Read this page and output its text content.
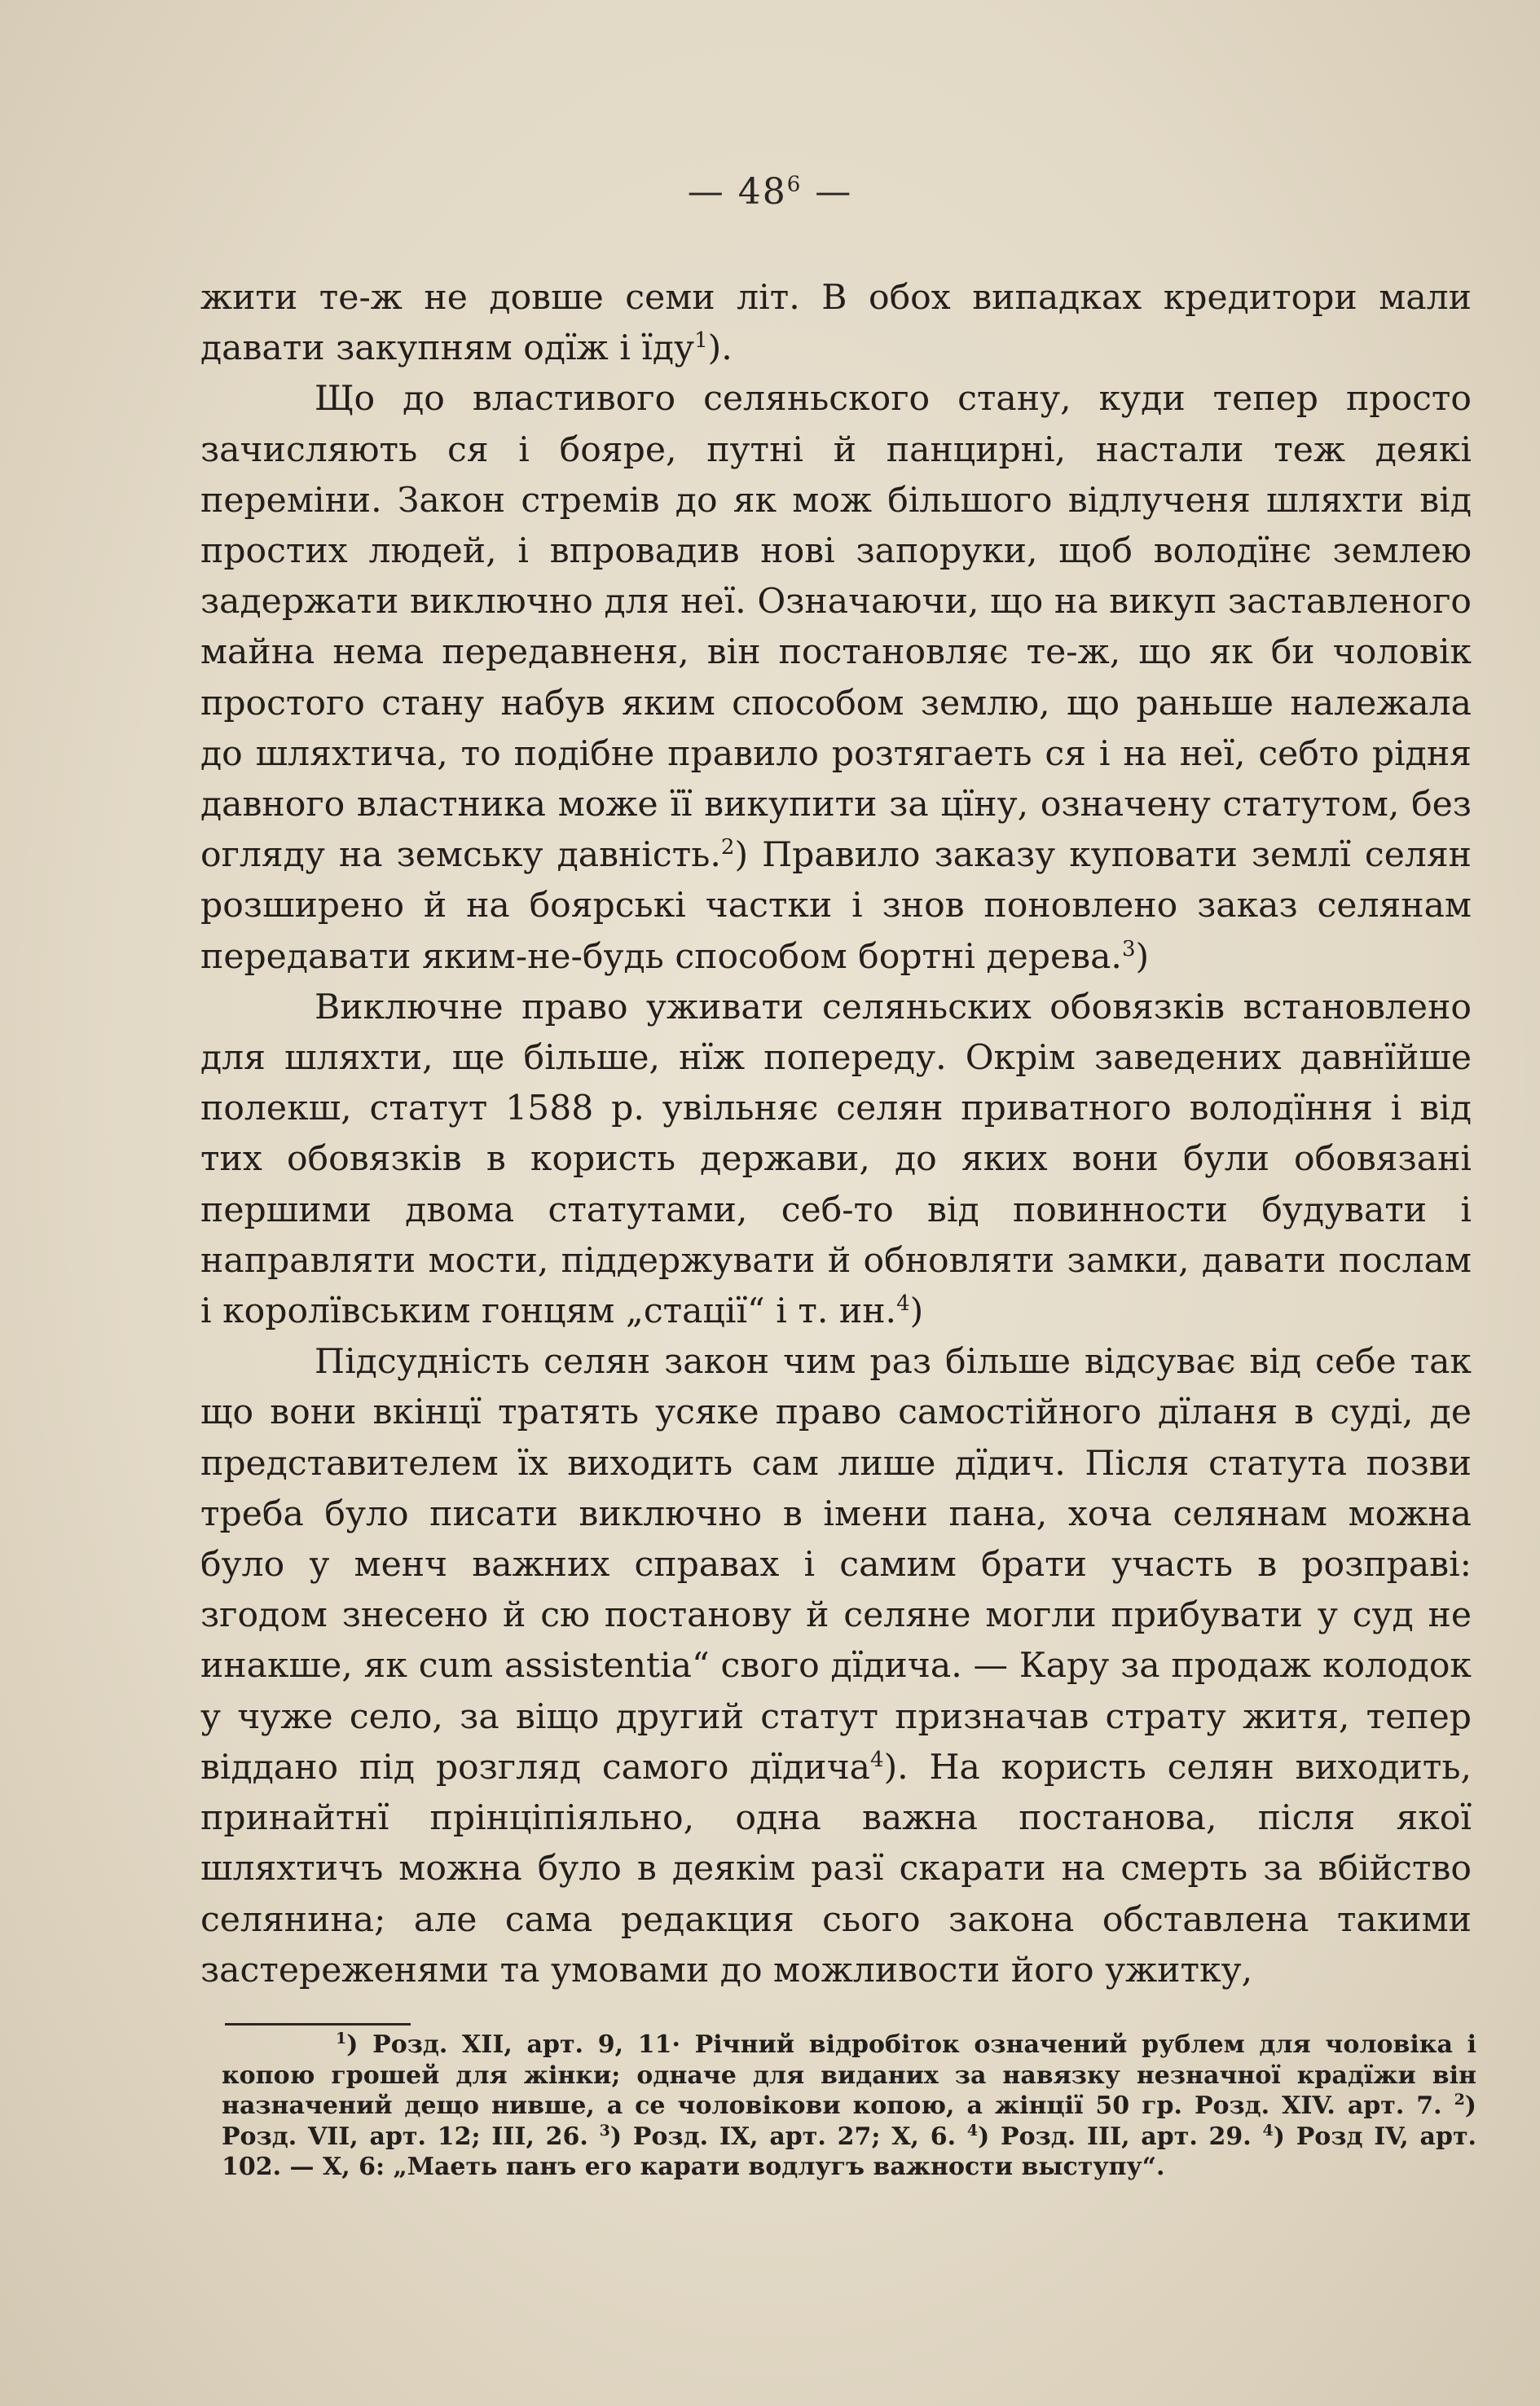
— $48^6$ —

жити те-ж не довше семи літ. В обох випадках кредитори мали давати закупням одїж і їду$^1$).

Що до властивого селяньского стану, куди тепер просто зачисляють ся і бояре, путні й панцирні, настали теж деякі переміни. Закон стремів до як мож більшого відлученя шляхти від простих людей, і впровадив нові запоруки, щоб володїнє землею задержати виключно для неї. Означаючи, що на викуп заставленого майна нема передавненя, він постановляє те-ж, що як би чоловік простого стану набув яким способом землю, що раньше належала до шляхтича, то подібне правило розтягаеть ся і на неї, себто рідня давного властника може її викупити за цїну, означену статутом, без огляду на земську давність.$^2$) Правило заказу куповати землї селян розширено й на боярські частки і знов поновлено заказ селянам передавати яким-не-будь способом бортні дерева.$^3$)

Виключне право уживати селяньских обовязків встановлено для шляхти, ще більше, нїж попереду. Окрім заведених давнїйше полекш, статут 1588 р. увільняє селян приватного володїння і від тих обовязків в користь держави, до яких вони були обовязані першими двома статутами, себ-то від повинности будувати і направляти мости, піддержувати й обновляти замки, давати послам і королївським гонцям „стації“ і т. ин.$^4$)

Підсудність селян закон чим раз більше відсуває від себе так що вони вкінцї тратять усяке право самостійного дїланя в суді, де представителем їх виходить сам лише дїдич. Після статута позви треба було писати виключно в імени пана, хоча селянам можна було у менч важних справах і самим брати участь в розправі: згодом знесено й сю постанову й селяне могли прибувати у суд не инакше, як cum assistentia“ свого дїдича. — Кару за продаж колодок у чуже село, за віщо другий статут призначав страту житя, тепер віддано під розгляд самого дїдича$^4$). На користь селян виходить, принайтнї прінціпіяльно, одна важна постанова, після якої шляхтичъ можна було в деякім разї скарати на смерть за вбійство селянина; але сама редакция сього закона обставлена такими застереженями та умовами до можливости його ужитку,

$^1$) Розд. XII, арт. 9, 11· Річний відробіток означений рублем для чоловіка і копою грошей для жінки; одначе для виданих за навязку незначної крадїжи він назначений дещо нивше, а се чоловікови копою, а жінції 50 гр. Розд. XIV. арт. 7. $^2$) Розд. VII, арт. 12; III, 26. $^3$) Розд. IX, арт. 27; X, 6. $^4$) Розд. III, арт. 29. $^4$) Розд IV, арт. 102. — X, 6: „Маеть панъ его карати водлугъ важности выступу“.
